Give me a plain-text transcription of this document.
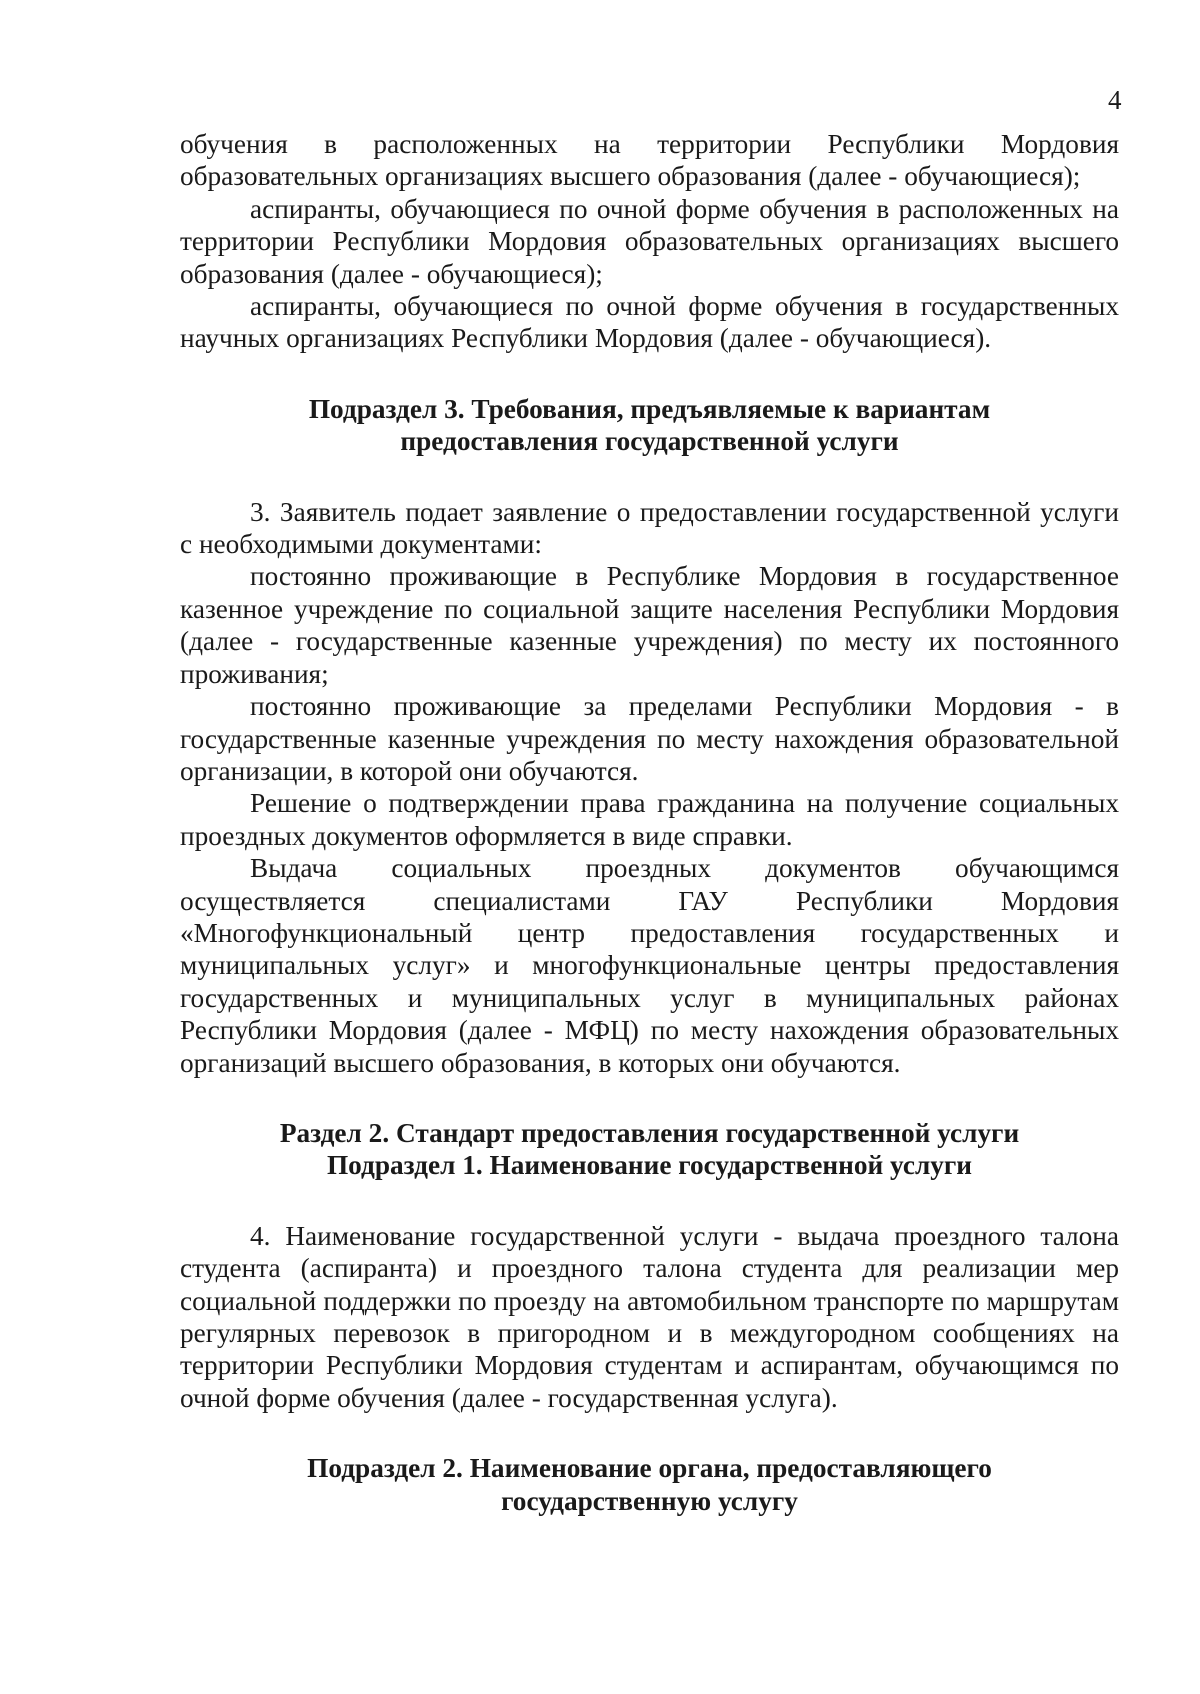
4

обучения в расположенных на территории Республики Мордовия образовательных организациях высшего образования (далее - обучающиеся);

аспиранты, обучающиеся по очной форме обучения в расположенных на территории Республики Мордовия образовательных организациях высшего образования (далее - обучающиеся);

аспиранты, обучающиеся по очной форме обучения в государственных научных организациях Республики Мордовия (далее - обучающиеся).

Подраздел 3. Требования, предъявляемые к вариантам
предоставления государственной услуги

3. Заявитель подает заявление о предоставлении государственной услуги с необходимыми документами:

постоянно проживающие в Республике Мордовия в государственное казенное учреждение по социальной защите населения Республики Мордовия (далее - государственные казенные учреждения) по месту их постоянного проживания;

постоянно проживающие за пределами Республики Мордовия - в государственные казенные учреждения по месту нахождения образовательной организации, в которой они обучаются.

Решение о подтверждении права гражданина на получение социальных проездных документов оформляется в виде справки.

Выдача социальных проездных документов обучающимся осуществляется специалистами ГАУ Республики Мордовия «Многофункциональный центр предоставления государственных и муниципальных услуг» и многофункциональные центры предоставления государственных и муниципальных услуг в муниципальных районах Республики Мордовия (далее - МФЦ) по месту нахождения образовательных организаций высшего образования, в которых они обучаются.

Раздел 2. Стандарт предоставления государственной услуги
Подраздел 1. Наименование государственной услуги

4. Наименование государственной услуги - выдача проездного талона студента (аспиранта) и проездного талона студента для реализации мер социальной поддержки по проезду на автомобильном транспорте по маршрутам регулярных перевозок в пригородном и в междугородном сообщениях на территории Республики Мордовия студентам и аспирантам, обучающимся по очной форме обучения (далее - государственная услуга).

Подраздел 2. Наименование органа, предоставляющего
государственную услугу
